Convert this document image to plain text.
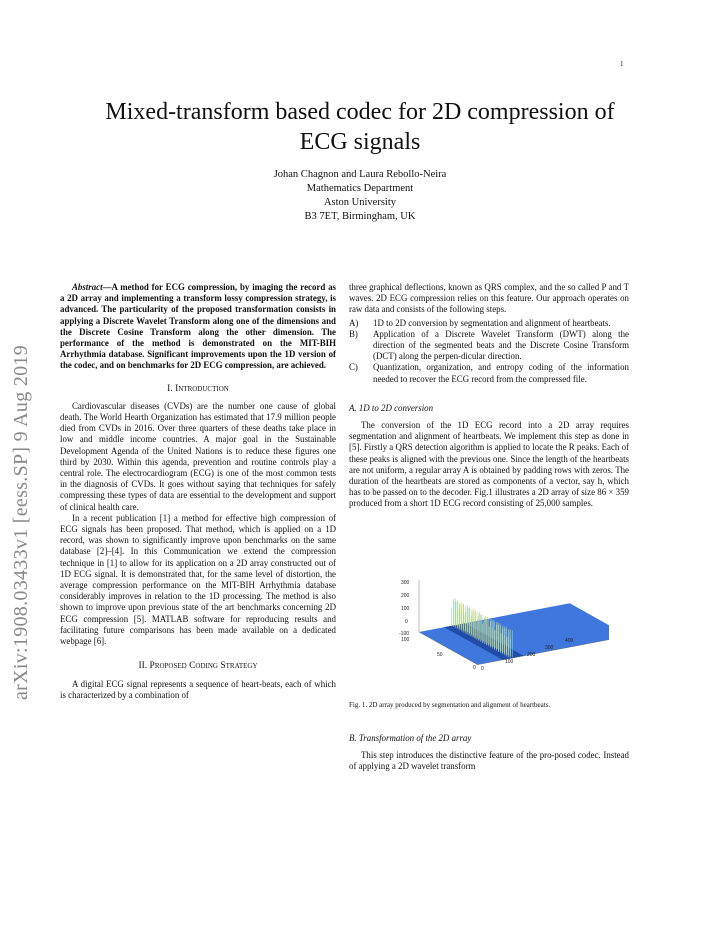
1
Mixed-transform based codec for 2D compression of ECG signals
Johan Chagnon and Laura Rebollo-Neira
Mathematics Department
Aston University
B3 7ET, Birmingham, UK
arXiv:1908.03433v1 [eess.SP] 9 Aug 2019

Abstract—A method for ECG compression, by imaging the record as a 2D array and implementing a transform lossy compression strategy, is advanced. The particularity of the proposed transformation consists in applying a Discrete Wavelet Transform along one of the dimensions and the Discrete Cosine Transform along the other dimension. The performance of the method is demonstrated on the MIT-BIH Arrhythmia database. Significant improvements upon the 1D version of the codec, and on benchmarks for 2D ECG compression, are achieved.

I. Introduction

Cardiovascular diseases (CVDs) are the number one cause of global death. The World Hearth Organization has estimated that 17.9 million people died from CVDs in 2016. Over three quarters of these deaths take place in low and middle income countries. A major goal in the Sustainable Development Agenda of the United Nations is to reduce these figures one third by 2030. Within this agenda, prevention and routine controls play a central role. The electrocardiogram (ECG) is one of the most common tests in the diagnosis of CVDs. It goes without saying that techniques for safely compressing these types of data are essential to the development and support of clinical health care.

In a recent publication [1] a method for effective high compression of ECG signals has been proposed. That method, which is applied on a 1D record, was shown to significantly improve upon benchmarks on the same database [2]–[4]. In this Communication we extend the compression technique in [1] to allow for its application on a 2D array constructed out of 1D ECG signal. It is demonstrated that, for the same level of distortion, the average compression performance on the MIT-BIH Arrhythmia database considerably improves in relation to the 1D processing. The method is also shown to improve upon previous state of the art benchmarks concerning 2D ECG compression [5]. MATLAB software for reproducing results and facilitating future comparisons has been made available on a dedicated webpage [6].

II. Proposed Coding Strategy

A digital ECG signal represents a sequence of heart-beats, each of which is characterized by a combination of

three graphical deflections, known as QRS complex, and the so called P and T waves. 2D ECG compression relies on this feature. Our approach operates on raw data and consists of the following steps.

A)	1D to 2D conversion by segmentation and alignment of heartbeats.
B)	Application of a Discrete Wavelet Transform (DWT) along the direction of the segmented beats and the Discrete Cosine Transform (DCT) along the perpen-dicular direction.
C)	Quantization, organization, and entropy coding of the information needed to recover the ECG record from the compressed file.
A. 1D to 2D conversion

The conversion of the 1D ECG record into a 2D array requires segmentation and alignment of heartbeats. We implement this step as done in [5]. Firstly a QRS detection algorithm is applied to locate the R peaks. Each of these peaks is aligned with the previous one. Since the length of the heartbeats are not uniform, a regular array A is obtained by padding rows with zeros. The duration of the heartbeats are stored as components of a vector, say h, which has to be passed on to the decoder. Fig.1 illustrates a 2D array of size 86 × 359 produced from a short 1D ECG record consisting of 25,000 samples.

300
200
100
0
-100
100
50
0 0
100
200
300
400

Fig. 1. 2D array produced by segmentation and alignment of heartbeats.

B. Transformation of the 2D array

This step introduces the distinctive feature of the pro-posed codec. Instead of applying a 2D wavelet transform
